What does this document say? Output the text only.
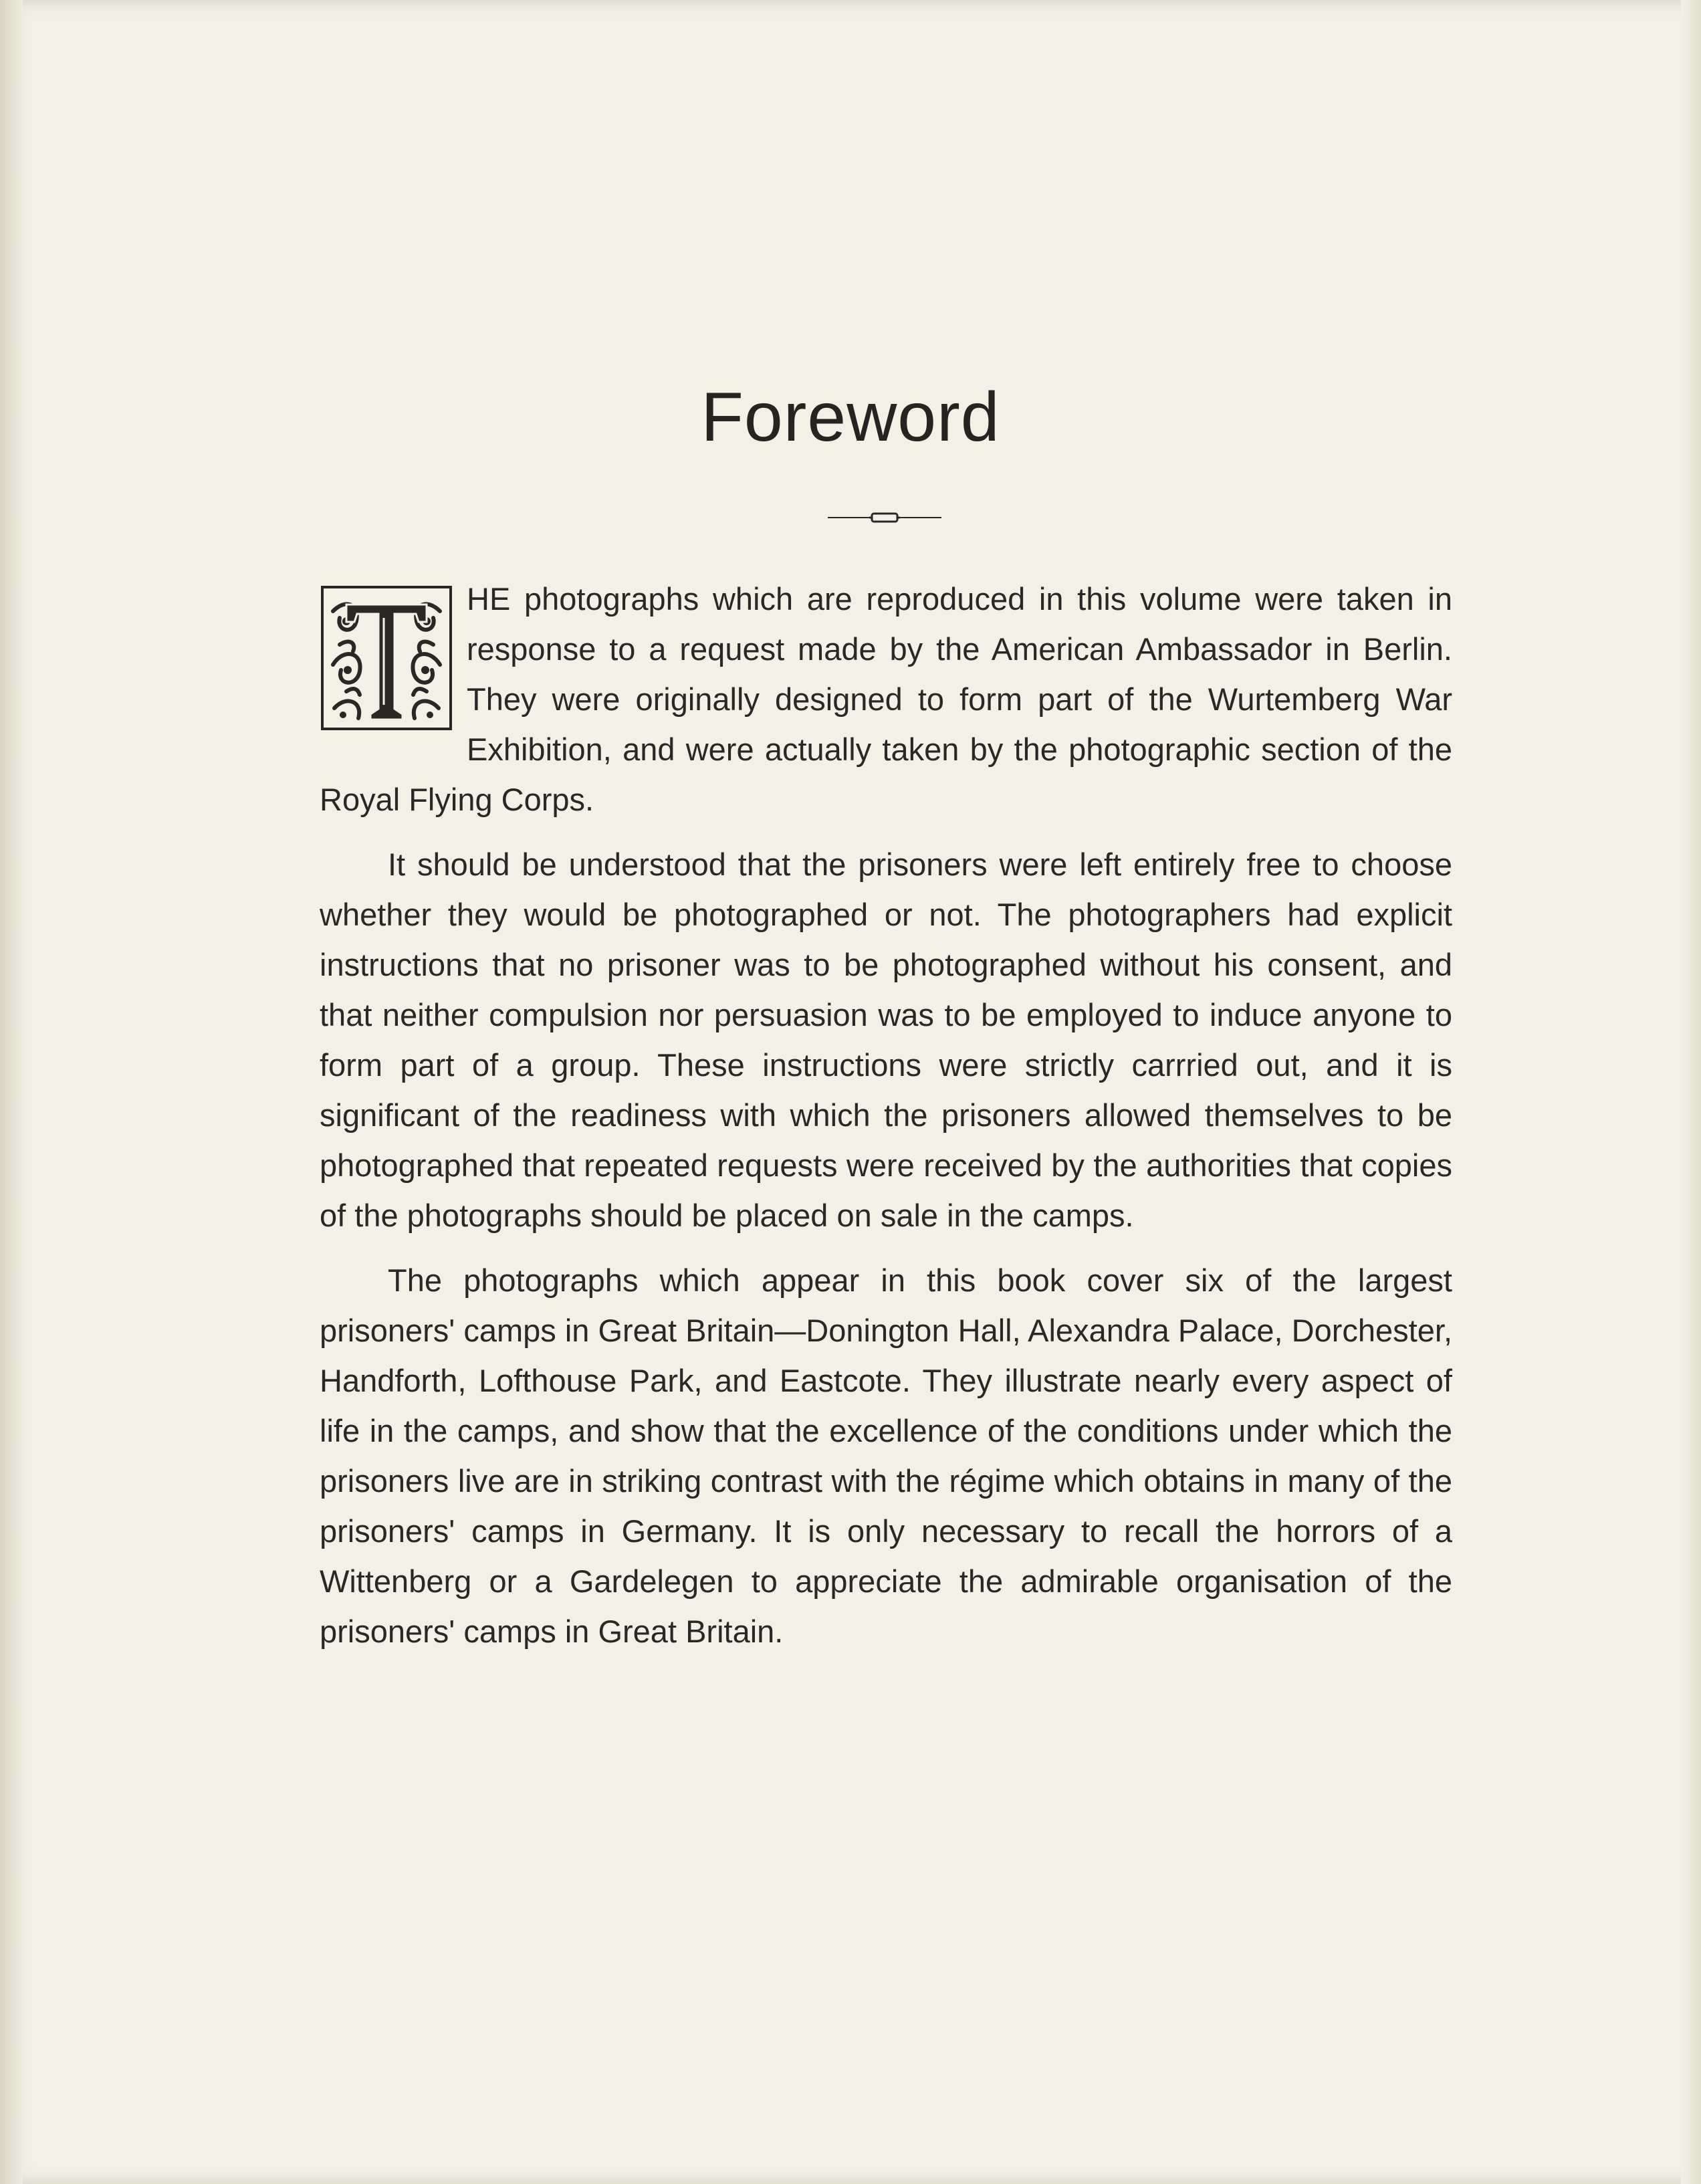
Foreword

HE photographs which are reproduced in this volume were taken in response to a request made by the American Ambassador in Berlin. They were originally designed to form part of the Wurtemberg War Exhibition, and were actually taken by the photographic section of the Royal Flying Corps.

It should be understood that the prisoners were left entirely free to choose whether they would be photographed or not. The photographers had explicit instructions that no prisoner was to be photographed without his consent, and that neither compulsion nor persuasion was to be employed to induce anyone to form part of a group. These instructions were strictly carrried out, and it is significant of the readiness with which the prisoners allowed themselves to be photographed that repeated requests were received by the authorities that copies of the photographs should be placed on sale in the camps.

The photographs which appear in this book cover six of the largest prisoners' camps in Great Britain—Donington Hall, Alexandra Palace, Dorchester, Handforth, Lofthouse Park, and Eastcote. They illustrate nearly every aspect of life in the camps, and show that the excellence of the conditions under which the prisoners live are in striking contrast with the régime which obtains in many of the prisoners' camps in Germany. It is only necessary to recall the horrors of a Wittenberg or a Gardelegen to appreciate the admirable organisation of the prisoners' camps in Great Britain.
